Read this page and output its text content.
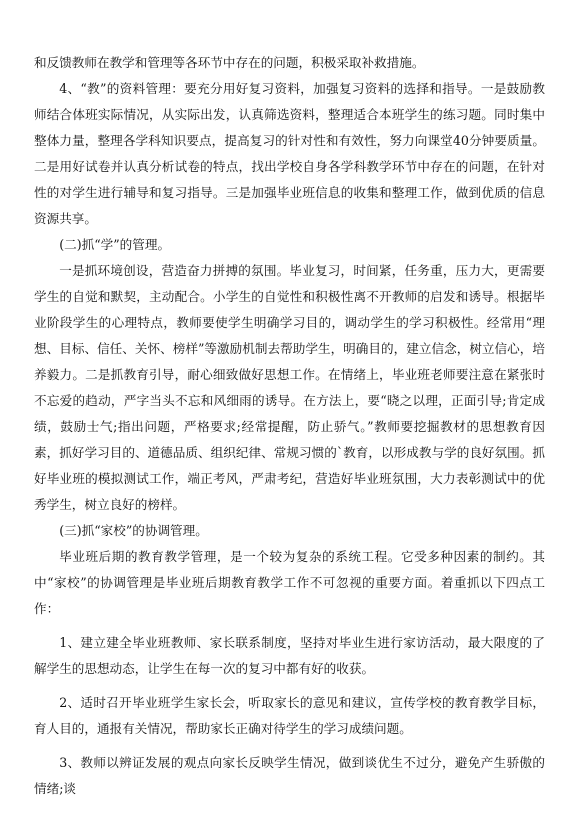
和反馈教师在教学和管理等各环节中存在的问题，积极采取补救措施。

4、“教”的资料管理：要充分用好复习资料，加强复习资料的选择和指导。一是鼓励教师结合体班实际情况，从实际出发，认真筛选资料，整理适合本班学生的练习题。同时集中整体力量，整理各学科知识要点，提高复习的针对性和有效性，努力向课堂40分钟要质量。二是用好试卷并认真分析试卷的特点，找出学校自身各学科教学环节中存在的问题，在针对性的对学生进行辅导和复习指导。三是加强毕业班信息的收集和整理工作，做到优质的信息资源共享。

(二)抓“学”的管理。

一是抓环境创设，营造奋力拼搏的氛围。毕业复习，时间紧，任务重，压力大，更需要学生的自觉和默契，主动配合。小学生的自觉性和积极性离不开教师的启发和诱导。根据毕业阶段学生的心理特点，教师要使学生明确学习目的，调动学生的学习积极性。经常用“理想、目标、信任、关怀、榜样”等激励机制去帮助学生，明确目的，建立信念，树立信心，培养毅力。二是抓教育引导，耐心细致做好思想工作。在情绪上，毕业班老师要注意在紧张时不忘爱的趋动，严字当头不忘和风细雨的诱导。在方法上，要“晓之以理，正面引导;肯定成绩，鼓励士气;指出问题，严格要求;经常提醒，防止骄气。”教师要挖掘教材的思想教育因素，抓好学习目的、道德品质、组织纪律、常规习惯的`教育，以形成教与学的良好氛围。抓好毕业班的模拟测试工作，端正考风，严肃考纪，营造好毕业班氛围，大力表彰测试中的优秀学生，树立良好的榜样。

(三)抓“家校”的协调管理。

毕业班后期的教育教学管理，是一个较为复杂的系统工程。它受多种因素的制约。其中“家校”的协调管理是毕业班后期教育教学工作不可忽视的重要方面。着重抓以下四点工作：

1、建立建全毕业班教师、家长联系制度，坚持对毕业生进行家访活动，最大限度的了解学生的思想动态，让学生在每一次的复习中都有好的收获。

2、适时召开毕业班学生家长会，听取家长的意见和建议，宣传学校的教育教学目标，育人目的，通报有关情况，帮助家长正确对待学生的学习成绩问题。

3、教师以辨证发展的观点向家长反映学生情况，做到谈优生不过分，避免产生骄傲的情绪;谈
